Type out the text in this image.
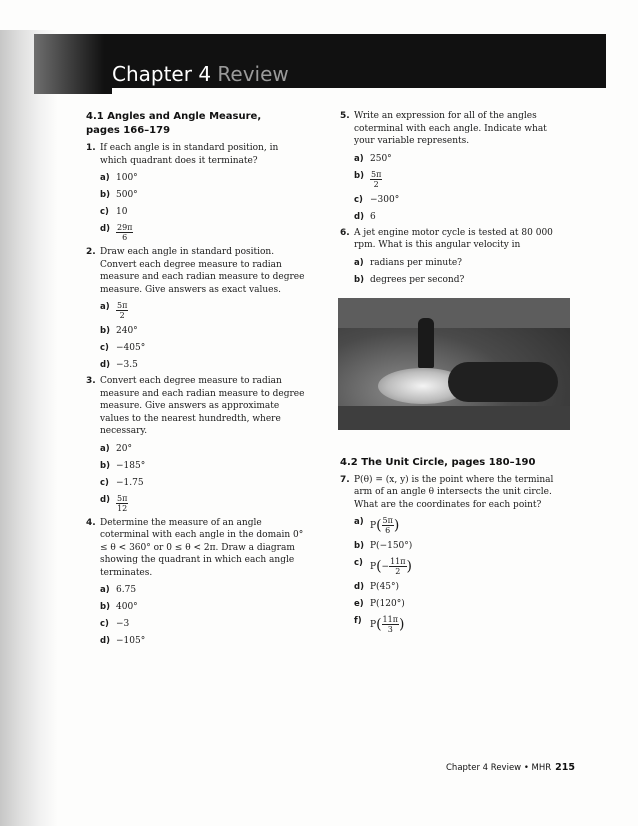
Chapter 4 Review
4.1 Angles and Angle Measure,
pages 166–179
1. If each angle is in standard position, in which quadrant does it terminate?
a) 100°
b) 500°
c) 10
$d) \frac{29\pi}{6}$
2. Draw each angle in standard position. Convert each degree measure to radian measure and each radian measure to degree measure. Give answers as exact values.
$a) \frac{5\pi}{2}$
b) 240°
c) −405°
d) −3.5
3. Convert each degree measure to radian measure and each radian measure to degree measure. Give answers as approximate values to the nearest hundredth, where necessary.
a) 20°
b) −185°
c) −1.75
$d) \frac{5\pi}{12}$
4. Determine the measure of an angle coterminal with each angle in the domain 0° ≤ θ < 360° or 0 ≤ θ < 2π. Draw a diagram showing the quadrant in which each angle terminates.
a) 6.75
b) 400°
c) −3
d) −105°
5. Write an expression for all of the angles coterminal with each angle. Indicate what your variable represents.
a) 250°
$b) \frac{5\pi}{2}$
c) −300°
d) 6
6. A jet engine motor cycle is tested at 80 000 rpm. What is this angular velocity in
a) radians per minute?
b) degrees per second?
4.2 The Unit Circle, pages 180–190
7. P(θ) = (x, y) is the point where the terminal arm of an angle θ intersects the unit circle. What are the coordinates for each point?
a) $P( \frac{5\pi}{6}$ )
b) P(−150°)
c) $P(- \frac{11\pi}{2}$ )
d) P(45°)
e) P(120°)
f) $P( \frac{11\pi}{3}$ )
Chapter 4 Review • MHR 215
